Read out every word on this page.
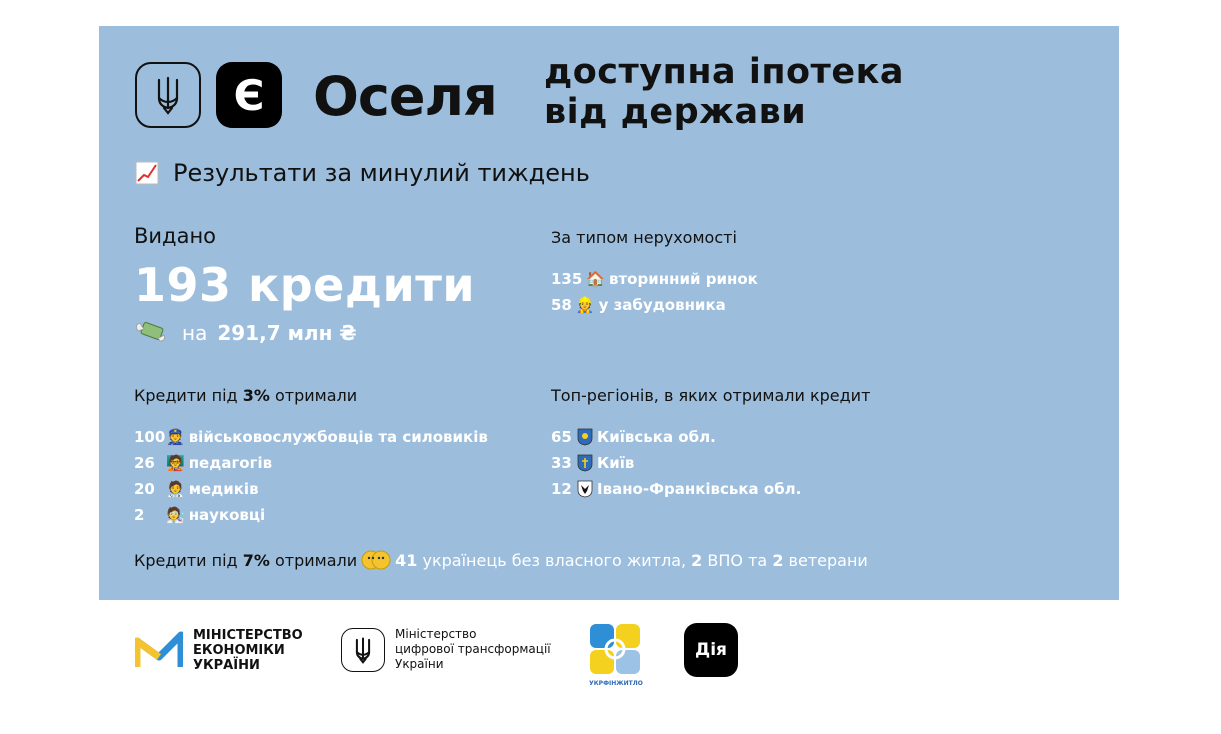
Є Оселя доступна іпотека
від держави
Результати за минулий тиждень
Видано
193 кредити
на 291,7 млн ₴
За типом нерухомості
135 🏠 вторинний ринок
58 👷 у забудовника
Кредити під 3% отримали
100 👮 військовослужбовців та силовиків
26 🧑‍🏫 педагогів
20 🧑‍⚕️ медиків
2	🧑‍🔬 науковці
Топ-регіонів, в яких отримали кредит
65 Київська обл.
33 Київ
12 Івано-Франківська обл.
Кредити під
7%
отримали 41
українець без власного житла,
2
ВПО та
2
ветерани
МІНІСТЕРСТВО
ЕКОНОМІКИ
УКРАЇНИ
Міністерство
цифрової трансформації
України
УКРФІНЖИТЛО
Дія
